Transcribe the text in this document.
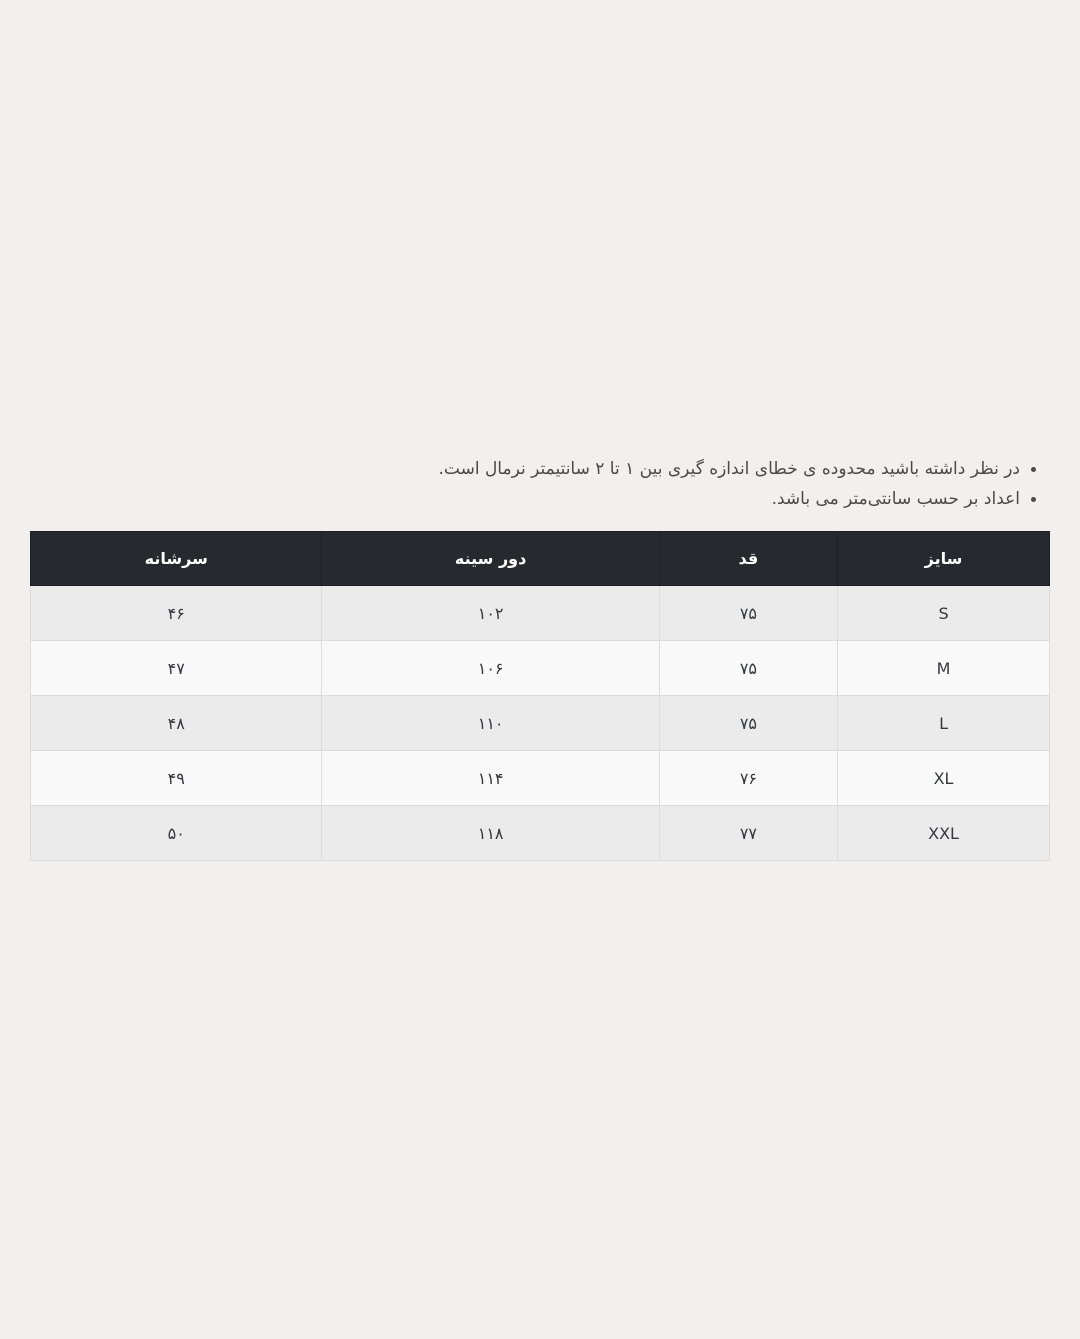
• در نظر داشته باشید محدوده ی خطای اندازه گیری بین ۱ تا ۲ سانتیمتر نرمال است.
• اعداد بر حسب سانتی‌متر می باشد.
سایز	قد	دور سینه	سرشانه
S	۷۵	۱۰۲	۴۶
M	۷۵	۱۰۶	۴۷
L	۷۵	۱۱۰	۴۸
XL	۷۶	۱۱۴	۴۹
XXL	۷۷	۱۱۸	۵۰
